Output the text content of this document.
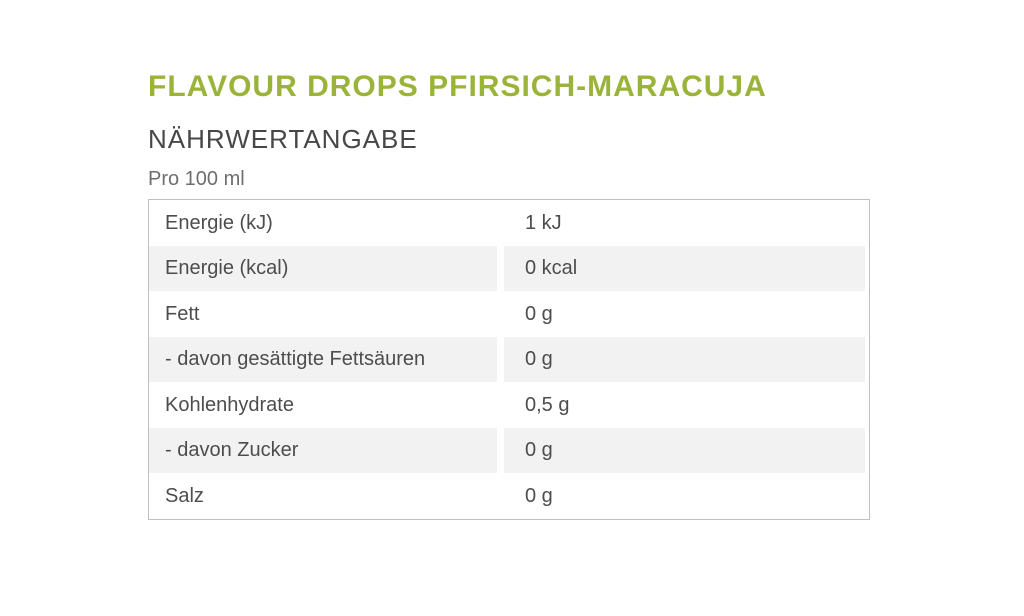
FLAVOUR DROPS PFIRSICH-MARACUJA
NÄHRWERTANGABE
Pro 100 ml
Energie (kJ)	1 kJ
Energie (kcal)	0 kcal
Fett	0 g
- davon gesättigte Fettsäuren	0 g
Kohlenhydrate	0,5 g
- davon Zucker	0 g
Salz	0 g
